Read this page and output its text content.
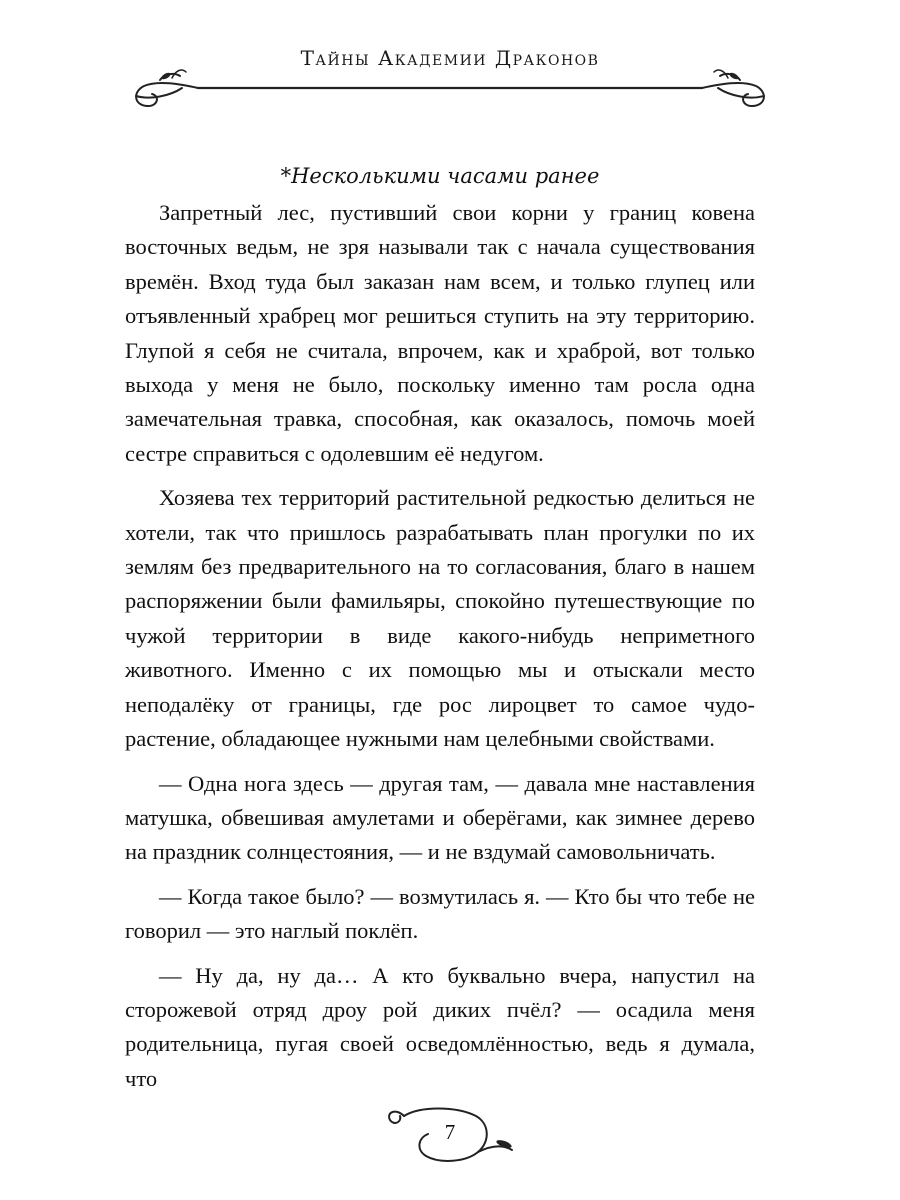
Тайны Академии Драконов
*Несколькими часами ранее

Запретный лес, пустивший свои корни у границ ковена восточных ведьм, не зря называли так с начала существования времён. Вход туда был заказан нам всем, и только глупец или отъявленный храбрец мог решиться ступить на эту территорию. Глупой я себя не считала, впрочем, как и храброй, вот только выхода у меня не было, поскольку именно там росла одна замечательная травка, способная, как оказалось, помочь моей сестре справиться с одолевшим её недугом.

Хозяева тех территорий растительной редкостью делиться не хотели, так что пришлось разрабатывать план прогулки по их землям без предварительного на то согласования, благо в нашем распоряжении были фамильяры, спокойно путешествующие по чужой территории в виде какого-нибудь неприметного животного. Именно с их помощью мы и отыскали место неподалёку от границы, где рос лироцвет то самое чудо-растение, обладающее нужными нам целебными свойствами.

— Одна нога здесь — другая там, — давала мне наставления матушка, обвешивая амулетами и оберёгами, как зимнее дерево на праздник солнцестояния, — и не вздумай самовольничать.

— Когда такое было? — возмутилась я. — Кто бы что тебе не говорил — это наглый поклёп.

— Ну да, ну да… А кто буквально вчера, напустил на сторожевой отряд дроу рой диких пчёл? — осадила меня родительница, пугая своей осведомлённостью, ведь я думала, что

7
